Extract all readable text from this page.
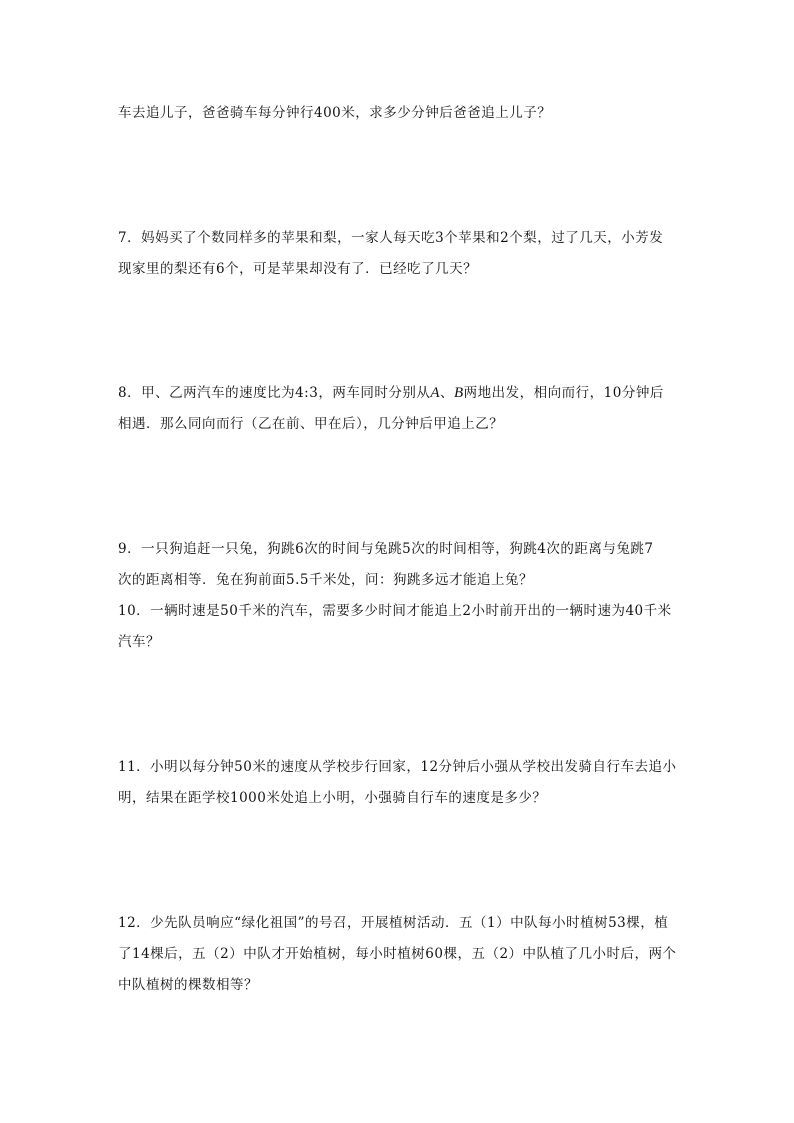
车去追儿子，爸爸骑车每分钟行400米，求多少分钟后爸爸追上儿子？
7．妈妈买了个数同样多的苹果和梨，一家人每天吃3个苹果和2个梨，过了几天，小芳发
现家里的梨还有6个，可是苹果却没有了．已经吃了几天？
8．甲、乙两汽车的速度比为4:3，两车同时分别从A、B两地出发，相向而行，10分钟后
相遇．那么同向而行（乙在前、甲在后），几分钟后甲追上乙？
9．一只狗追赶一只兔，狗跳6次的时间与兔跳5次的时间相等，狗跳4次的距离与兔跳7
次的距离相等．兔在狗前面5.5千米处，问：狗跳多远才能追上兔？
10．一辆时速是50千米的汽车，需要多少时间才能追上2小时前开出的一辆时速为40千米
汽车？
11．小明以每分钟50米的速度从学校步行回家，12分钟后小强从学校出发骑自行车去追小
明，结果在距学校1000米处追上小明，小强骑自行车的速度是多少？
12．少先队员响应“绿化祖国”的号召，开展植树活动．五（1）中队每小时植树53棵，植
了14棵后，五（2）中队才开始植树，每小时植树60棵，五（2）中队植了几小时后，两个
中队植树的棵数相等？
